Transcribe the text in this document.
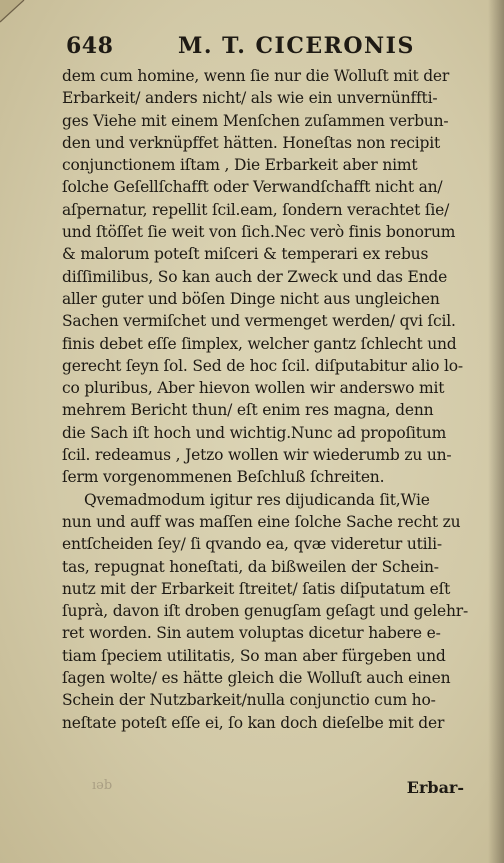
648	M. T. CICERONIS
dem cum homine, wenn ſie nur die Wolluſt mit der
Erbarkeit/ anders nicht/ als wie ein unvernünffti-
ges Viehe mit einem Menſchen zuſammen verbun-
den und verknüpffet hätten. Honeſtas non recipit
conjunctionem iſtam , Die Erbarkeit aber nimt
ſolche Geſellſchafft oder Verwandſchafft nicht an/
aſpernatur, repellit ſcil.eam, ſondern verachtet ſie/
und ſtöſſet ſie weit von ſich.Nec verò finis bonorum
& malorum poteſt miſceri & temperari ex rebus
diſſimilibus, So kan auch der Zweck und das Ende
aller guter und böſen Dinge nicht aus ungleichen
Sachen vermiſchet und vermenget werden/ qvi ſcil.
finis debet eſſe ſimplex, welcher gantz ſchlecht und
gerecht ſeyn ſol. Sed de hoc ſcil. diſputabitur alio lo-
co pluribus, Aber hievon wollen wir anderswo mit
mehrem Bericht thun/ eſt enim res magna, denn
die Sach iſt hoch und wichtig.Nunc ad propoſitum
ſcil. redeamus , Jetzo wollen wir wiederumb zu un-
ſerm vorgenommenen Beſchluß ſchreiten.
Qvemadmodum igitur res dijudicanda ſit,Wie
nun und auff was maſſen eine ſolche Sache recht zu
entſcheiden ſey/ ſi qvando ea, qvæ videretur utili-
tas, repugnat honeſtati, da bißweilen der Schein-
nutz mit der Erbarkeit ſtreitet/ ſatis diſputatum eſt
ſuprà, davon iſt droben genugſam geſagt und gelehr-
ret worden. Sin autem voluptas dicetur habere e-
tiam ſpeciem utilitatis, So man aber fürgeben und
ſagen wolte/ es hätte gleich die Wolluſt auch einen
Schein der Nutzbarkeit/nulla conjunctio cum ho-
neſtate poteſt eſſe ei, ſo kan doch dieſelbe mit der
ıəb	Erbar-
